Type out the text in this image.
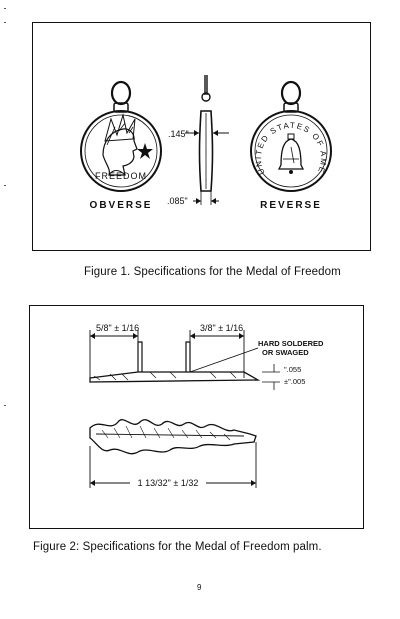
FREEDOM
OBVERSE
.145"
.085"
UNITED STATES OF AME
REVERSE
Figure 1. Specifications for the Medal of Freedom
5/8" ± 1/16	3/8" ± 1/16
HARD SOLDERED
OR SWAGED
".055
±".005
1 13/32" ± 1/32
Figure 2: Specifications for the Medal of Freedom palm.
9
